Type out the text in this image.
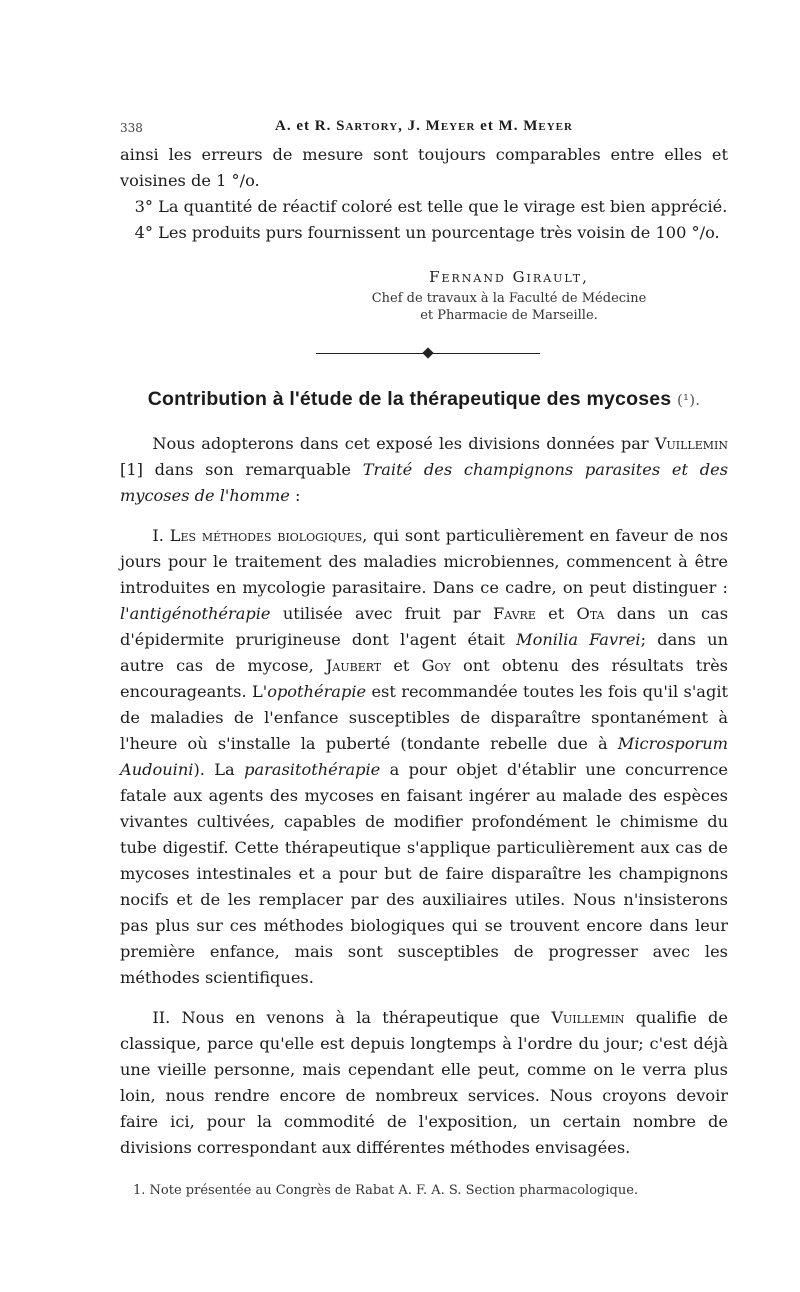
338	A. et R. Sartory, J. Meyer et M. Meyer

ainsi les erreurs de mesure sont toujours comparables entre elles et voisines de 1 °/o.

3° La quantité de réactif coloré est telle que le virage est bien apprécié.

4° Les produits purs fournissent un pourcentage très voisin de 100 °/o.

Fernand Girault,
Chef de travaux à la Faculté de Médecine
et Pharmacie de Marseille.
Contribution à l'étude de la thérapeutique des mycoses (¹).

Nous adopterons dans cet exposé les divisions données par Vuillemin [1] dans son remarquable Traité des champignons parasites et des mycoses de l'homme :

I. Les méthodes biologiques, qui sont particulièrement en faveur de nos jours pour le traitement des maladies microbiennes, commencent à être introduites en mycologie parasitaire. Dans ce cadre, on peut distinguer : l'antigénothérapie utilisée avec fruit par Favre et Ota dans un cas d'épidermite prurigineuse dont l'agent était Monilia Favrei; dans un autre cas de mycose, Jaubert et Goy ont obtenu des résultats très encourageants. L'opothérapie est recommandée toutes les fois qu'il s'agit de maladies de l'enfance susceptibles de disparaître spontanément à l'heure où s'installe la puberté (tondante rebelle due à Microsporum Audouini). La parasitothérapie a pour objet d'établir une concurrence fatale aux agents des mycoses en faisant ingérer au malade des espèces vivantes cultivées, capables de modifier profondément le chimisme du tube digestif. Cette thérapeutique s'applique particulièrement aux cas de mycoses intestinales et a pour but de faire disparaître les champignons nocifs et de les remplacer par des auxiliaires utiles. Nous n'insisterons pas plus sur ces méthodes biologiques qui se trouvent encore dans leur première enfance, mais sont susceptibles de progresser avec les méthodes scientifiques.

II. Nous en venons à la thérapeutique que Vuillemin qualifie de classique, parce qu'elle est depuis longtemps à l'ordre du jour; c'est déjà une vieille personne, mais cependant elle peut, comme on le verra plus loin, nous rendre encore de nombreux services. Nous croyons devoir faire ici, pour la commodité de l'exposition, un certain nombre de divisions correspondant aux différentes méthodes envisagées.

1. Note présentée au Congrès de Rabat A. F. A. S. Section pharmacologique.
